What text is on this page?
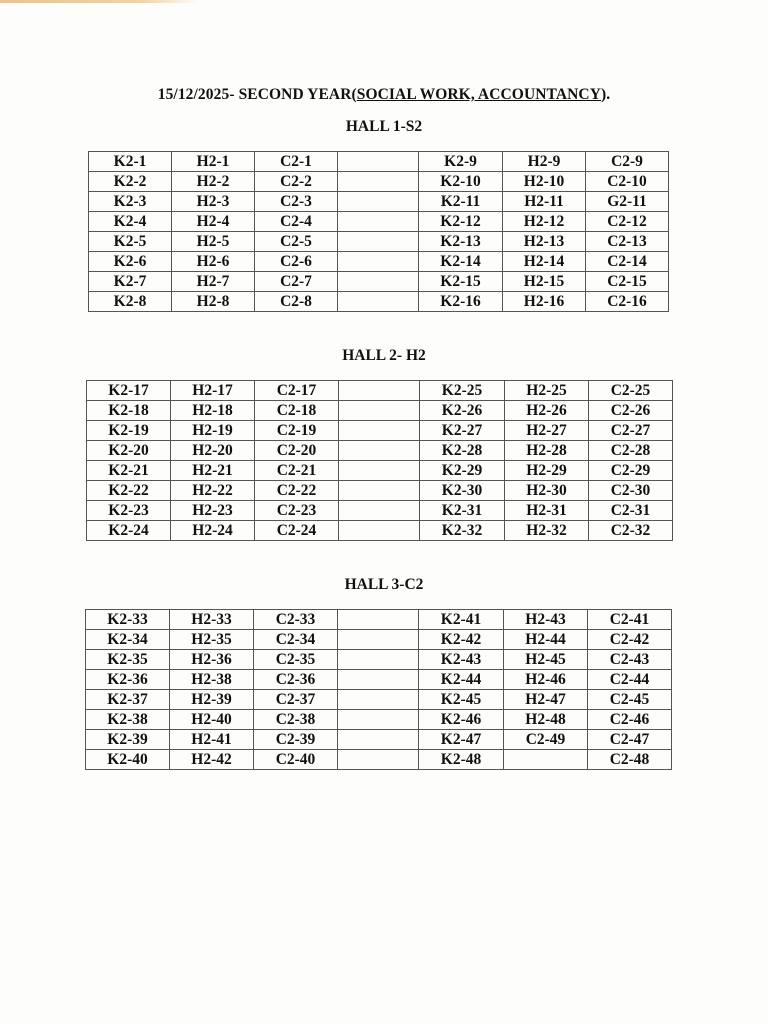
15/12/2025- SECOND YEAR(SOCIAL WORK, ACCOUNTANCY).
HALL 1-S2
K2-1	H2-1	C2-1		K2-9	H2-9	C2-9
K2-2	H2-2	C2-2		K2-10	H2-10	C2-10
K2-3	H2-3	C2-3		K2-11	H2-11	G2-11
K2-4	H2-4	C2-4		K2-12	H2-12	C2-12
K2-5	H2-5	C2-5		K2-13	H2-13	C2-13
K2-6	H2-6	C2-6		K2-14	H2-14	C2-14
K2-7	H2-7	C2-7		K2-15	H2-15	C2-15
K2-8	H2-8	C2-8		K2-16	H2-16	C2-16
HALL 2- H2
K2-17	H2-17	C2-17		K2-25	H2-25	C2-25
K2-18	H2-18	C2-18		K2-26	H2-26	C2-26
K2-19	H2-19	C2-19		K2-27	H2-27	C2-27
K2-20	H2-20	C2-20		K2-28	H2-28	C2-28
K2-21	H2-21	C2-21		K2-29	H2-29	C2-29
K2-22	H2-22	C2-22		K2-30	H2-30	C2-30
K2-23	H2-23	C2-23		K2-31	H2-31	C2-31
K2-24	H2-24	C2-24		K2-32	H2-32	C2-32
HALL 3-C2
K2-33	H2-33	C2-33		K2-41	H2-43	C2-41
K2-34	H2-35	C2-34		K2-42	H2-44	C2-42
K2-35	H2-36	C2-35		K2-43	H2-45	C2-43
K2-36	H2-38	C2-36		K2-44	H2-46	C2-44
K2-37	H2-39	C2-37		K2-45	H2-47	C2-45
K2-38	H2-40	C2-38		K2-46	H2-48	C2-46
K2-39	H2-41	C2-39		K2-47	C2-49	C2-47
K2-40	H2-42	C2-40		K2-48		C2-48
